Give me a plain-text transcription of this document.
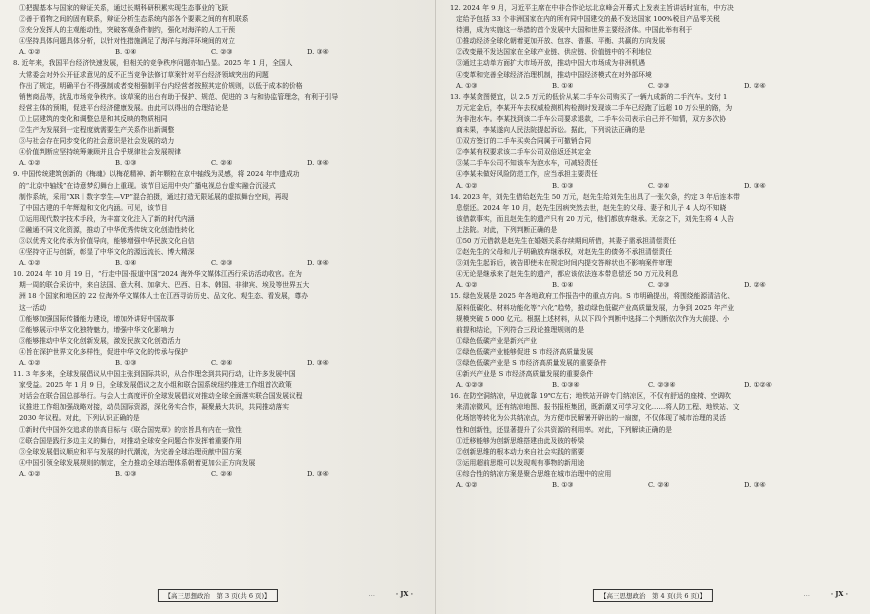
①把握基本与国家的辩证关系，通过长期科研积累实现生态事业的飞跃
②善于看物之间的固有联系，辩证分析生态系统内部各个要素之间的有机联系
③充分发挥人的主观能动性，突破客观条件制约，强化对海洋的人工干预
④坚持具体问题具体分析，以针对性措施满足了海洋与海洋环境间的对立
A. ①②	B. ①④	C. ②③	D. ③④
8. 近年来，我国平台经济快速发展，但相关的竞争秩序问题亦如凸显。2025 年 1 月，全国人
大常委会对外公开征求意见的反不正当竞争法修订草案针对平台经济领域突出的问题
作出了规定，明确平台不得强制或者变相强制平台内经营者按照其定价规则，以低于成本的价格
销售商品等，扰乱市场竞争秩序。该草案的出台有助于保护、规范、促进的 3 与和协监管理念，有利于引导
经营主体的预期，促进平台经济健康发展。由此可以得出的合理结论是
①上层建筑的变化和调整总是和其反映的物质相同
②生产为发展到一定程度就需要生产关系作出新调整
③与社会存在同步变化的社会意识是社会发展的动力
④价值判断应坚持统筹兼顾并且合乎规律社会发展规律
A. ①②	B. ①③	C. ②④	D. ③④
9. 中国传统建筑创新的《梅魂》以梅花精神、新年颗粒在京中轴线为灵感，将 2024 年申遗成功
的“北京中轴线”在诗意梦幻舞台上重现。该节目运用中央广播电视总台虚实融合沉浸式
制作系统，采用“XR｜数字孪生—VP”混合拍摄，通过打造无限延展的虚拟舞台空间，再现
了中国古建的千年辉煌和文化内涵。可见，该节目
①运用现代数字技术手段，为丰富文化注入了新的时代内涵
②融通不同文化资源，推动了中华优秀传统文化创造性转化
③以优秀文化传承为价值导向，能够增强中华民族文化自信
④坚持守正与创新，彰显了中华文化的源远流长、博大精深
A. ①②	B. ①④	C. ②③	D. ③④
10. 2024 年 10 月 19 日，“行走中国·报道中国”2024 海外华文媒体江西行采访活动收官。在为
期一周的联合采访中，来自法国、意大利、加拿大、巴西、日本、韩国、非律宾、埃及等世界五大
洲 18 个国家和地区的 22 位海外华文媒体人士在江西寻访历史、品文化、观生态、看发展，尊办
这一活动
①能够加强国际传播能力建设，增加外讲好中国故事
②能够展示中华文化独特魅力，增强中华文化影响力
③能够推动中华文化创新发展，激发民族文化创造活力
④旨在深护世界文化多样性，促进中华文化的传承与保护
A. ①②	B. ①③	C. ②④	D. ③④
11. 3 年多来，全球发展倡议从中国主张到国际共识，从合作理念到共同行动，让许多发展中国
家受益。2025 年 1 月 9 日，全球发展倡议之友小组和联合国系统纽约推进工作组首次政策
对话会在联合国总部举行。与会人士高度评价全球发展倡议对推动全球全面落实联合国发展议程
议推进工作组加强战略对接，动员国际资源，深化务实合作，凝聚最大共识，共同推动落实
2030 年议程。对此，下列认识正确的是
①新时代中国外交追求的崇高目标与《联合国宪章》的宗旨具有内在一致性
②联合国是践行多边主义的舞台，对推动全球安全问题合作发挥着重要作用
③全球发展倡议顺应和平与发展的时代潮流，为完善全球治理贡献中国方案
④中国引领全球发展规则的制定，全力推动全球治理体系朝着更加公正方向发展
A. ①②	B. ①③	C. ②④	D. ③④
【高三思想政治　第 3 页(共 6 页)】	…	· JX ·
12. 2024 年 9 月，习近平主席在中非合作论坛北京峰会开幕式上发表主旨讲话时宣布，中方决
定给予包括 33 个非洲国家在内的所有同中国建交的最不发达国家 100%税目产品零关税
待遇，成为实施这一举措的首个发展中大国和世界主要经济体。中国此举有利于
①推动经济全球化朝着更加开放、包容、普惠、平衡、共赢的方向发展
②改变最不发达国家在全球产业链、供应链、价值链中的不利地位
③通过主动单方面扩大市场开放，推动中国大市场成为非洲机遇
④变革和完善全球经济治理机制，推动中国经济模式在对外部环境
A. ①③	B. ①④	C. ②③	D. ②④
13. 李某贪图便宜，以 2.5 万元的低价从某二手车公司购买了一辆九成新的二手汽车。支付 1
万元定金后，李某开车去权威检测机构检测时发现该二手车已经跑了远超 10 万公里的路，为
为非泡水车。李某找到该二手车公司要求退款，二手车公司表示自己并不知情，双方多次协
商未果，李某遂向人民法院提起诉讼。据此，下列说法正确的是
①双方签订的二手车买卖合同属于可撤销合同
②李某有权要求该二手车公司双倍返还其定金
③某二手车公司不知该车为泡水车，可减轻责任
④李某未做好风险防范工作，应当承担主要责任
A. ①②	B. ①③	C. ②④	D. ③④
14. 2023 年，刘先生借给赵先生 50 万元，赵先生给刘先生出具了一张欠条，约定 3 年后连本带
息偿还。2024 年 10 月，赵先生因病突然去世，赵先生的父母、妻子和儿子 4 人均不知晓
该借款事实，而且赵先生的遗产只有 20 万元，他们都放弃继承。无奈之下，刘先生将 4 人告
上法院。对此，下列判断正确的是
①50 万元借款是赵先生在婚姻关系存续期间所借，其妻子需承担清偿责任
②赵先生的父母和儿子明确放弃继承权，对赵先生的债务不承担清偿责任
③刘先生起诉后，被告即使未在规定时间内提交答辩状也不影响案件审理
④无论是继承来了赵先生的遗产，都应该依法连本带息偿还 50 万元及利息
A. ①②	B. ①④	C. ②③	D. ②④
15. 绿色发展是 2025 年各地政府工作报告中的重点方向。S 市明确提出，将围绕能源清洁化、
原料低碳化、材料功能化等“六化”趋势，推动绿色低碳产业高质量发展，力争到 2025 年产业
规模突破 5 000 亿元。根据上述材料，从以下四个判断中选择二个判断依次作为大前提、小
前提和结论，下列符合三段论推理规则的是
①绿色低碳产业是新兴产业
②绿色低碳产业能够促进 S 市经济高质量发展
③绿色低碳产业是 S 市经济高质量发展的重要条件
④新兴产业是 S 市经济高质量发展的重要条件
A. ①②③	B. ①③④	C. ②③④	D. ①②④
16. 在防空洞纳凉，早边就靠 19℃左右；地铁站开辟专门纳凉区，不仅有舒适的座椅、空调吹
来清凉微风，还有纳凉地图、报书报柜集团，既新潮又可学习文化……将人防工程、地铁站、文
化场馆等转化为公共纳凉点，为方便市民解暑开辟出的一扇窗，不仅体现了城市治理的灵活
性和创新性，还显著提升了公共资源的利用率。对此，下列解读正确的是
①迁移能够为创新思维搭建由此及彼的桥梁
②创新思维的根本动力来自社会实践的需要
③运用超前思维可以发现观有事物的新用途
④综合性的纳凉方案是聚合思维在城市治理中的应用
A. ①②	B. ①③	C. ②④	D. ③④
【高三思想政治　第 4 页(共 6 页)】	…	· JX ·
